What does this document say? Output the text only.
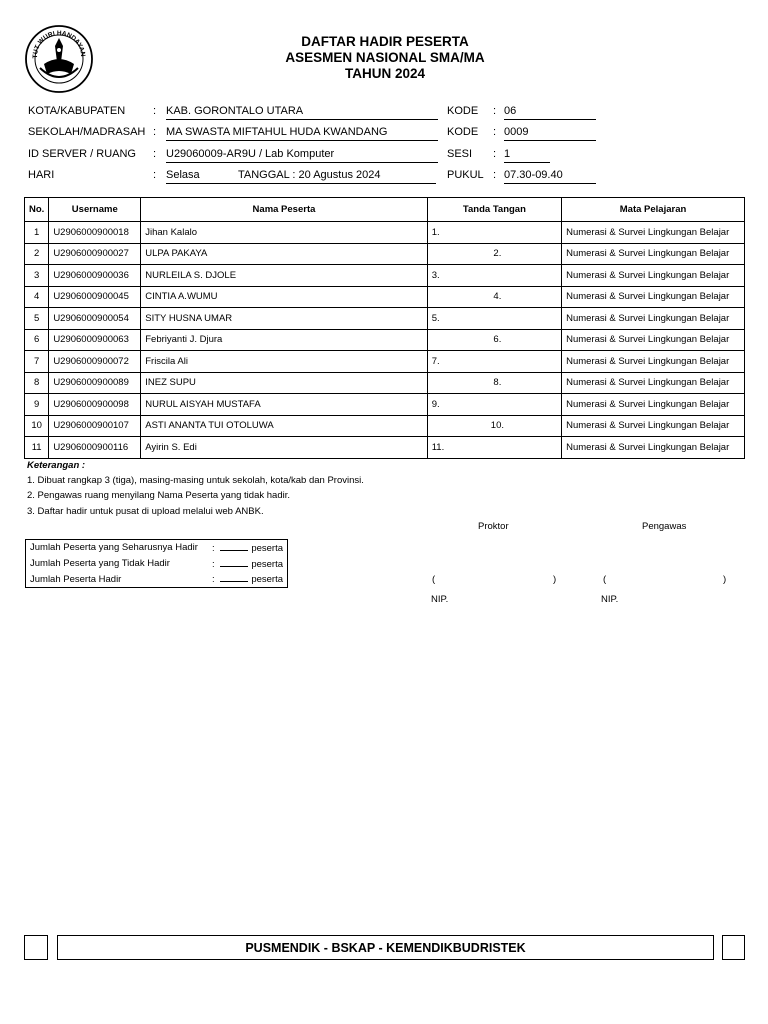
TUT WURI HANDAYAN
DAFTAR HADIR PESERTA
ASESMEN NASIONAL SMA/MA
TAHUN 2024
KOTA/KABUPATEN	: KAB. GORONTALO UTARA	KODE : 06
SEKOLAH/MADRASAH : MA SWASTA MIFTAHUL HUDA KWANDANG	KODE : 0009
ID SERVER / RUANG : U29060009-AR9U / Lab Komputer	SESI : 1
HARI	: Selasa	TANGGAL : 20 Agustus 2024	PUKUL : 07.30-09.40
No.	Username	Nama Peserta	Tanda Tangan	Mata Pelajaran
1	U2906000900018	Jihan Kalalo	1.	Numerasi & Survei Lingkungan Belajar
2	U2906000900027	ULPA PAKAYA	2.	Numerasi & Survei Lingkungan Belajar
3	U2906000900036	NURLEILA S. DJOLE	3.	Numerasi & Survei Lingkungan Belajar
4	U2906000900045	CINTIA A.WUMU	4.	Numerasi & Survei Lingkungan Belajar
5	U2906000900054	SITY HUSNA UMAR	5.	Numerasi & Survei Lingkungan Belajar
6	U2906000900063	Febriyanti J. Djura	6.	Numerasi & Survei Lingkungan Belajar
7	U2906000900072	Friscila Ali	7.	Numerasi & Survei Lingkungan Belajar
8	U2906000900089	INEZ SUPU	8.	Numerasi & Survei Lingkungan Belajar
9	U2906000900098	NURUL AISYAH MUSTAFA	9.	Numerasi & Survei Lingkungan Belajar
10	U2906000900107	ASTI ANANTA TUI OTOLUWA	10.	Numerasi & Survei Lingkungan Belajar
11	U2906000900116	Ayirin S. Edi	11.	Numerasi & Survei Lingkungan Belajar
Keterangan :
1. Dibuat rangkap 3 (tiga), masing-masing untuk sekolah, kota/kab dan Provinsi.
2. Pengawas ruang menyilang Nama Peserta yang tidak hadir.
3. Daftar hadir untuk pusat di upload melalui web ANBK.
Proktor	Pengawas
Jumlah Peserta yang Seharusnya Hadir	: peserta
Jumlah Peserta yang Tidak Hadir	: peserta
Jumlah Peserta Hadir	: peserta	(	)	(	)
NIP.	NIP.
PUSMENDIK - BSKAP - KEMENDIKBUDRISTEK
